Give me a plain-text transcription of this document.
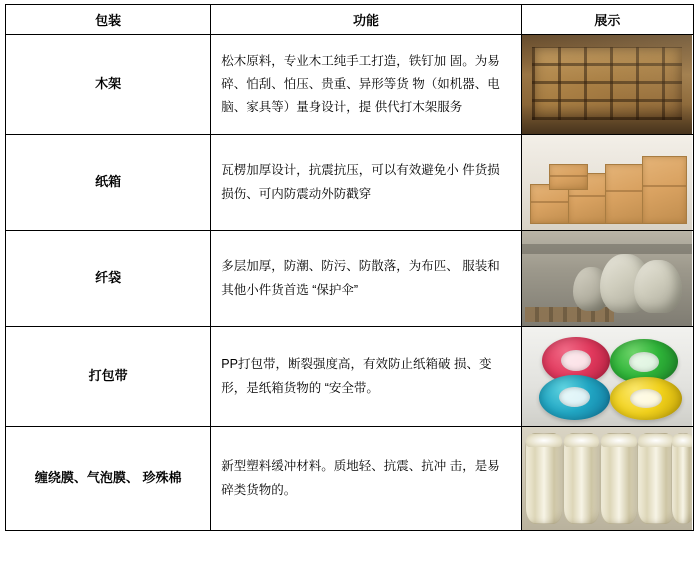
包装	功能	展示
木架	松木原料，专业木工纯手工打造，铁钉加 固。为易碎、怕刮、怕压、贵重、异形等货 物（如机器、电脑、家具等）量身设计，提 供代打木架服务	

纸箱	瓦楞加厚设计，抗震抗压，可以有效避免小 件货损损伤、可内防震动外防戳穿	

纤袋	多层加厚，防潮、防污、防散落，为布匹、 服装和其他小件货首选 “保护伞”	

打包带	PP打包带，断裂强度高，有效防止纸箱破 损、变形，是纸箱货物的 “安全带。	

缠绕膜、气泡膜、 珍殊棉	新型塑料缓冲材料。质地轻、抗震、抗冲 击，是易碎类货物的。	
